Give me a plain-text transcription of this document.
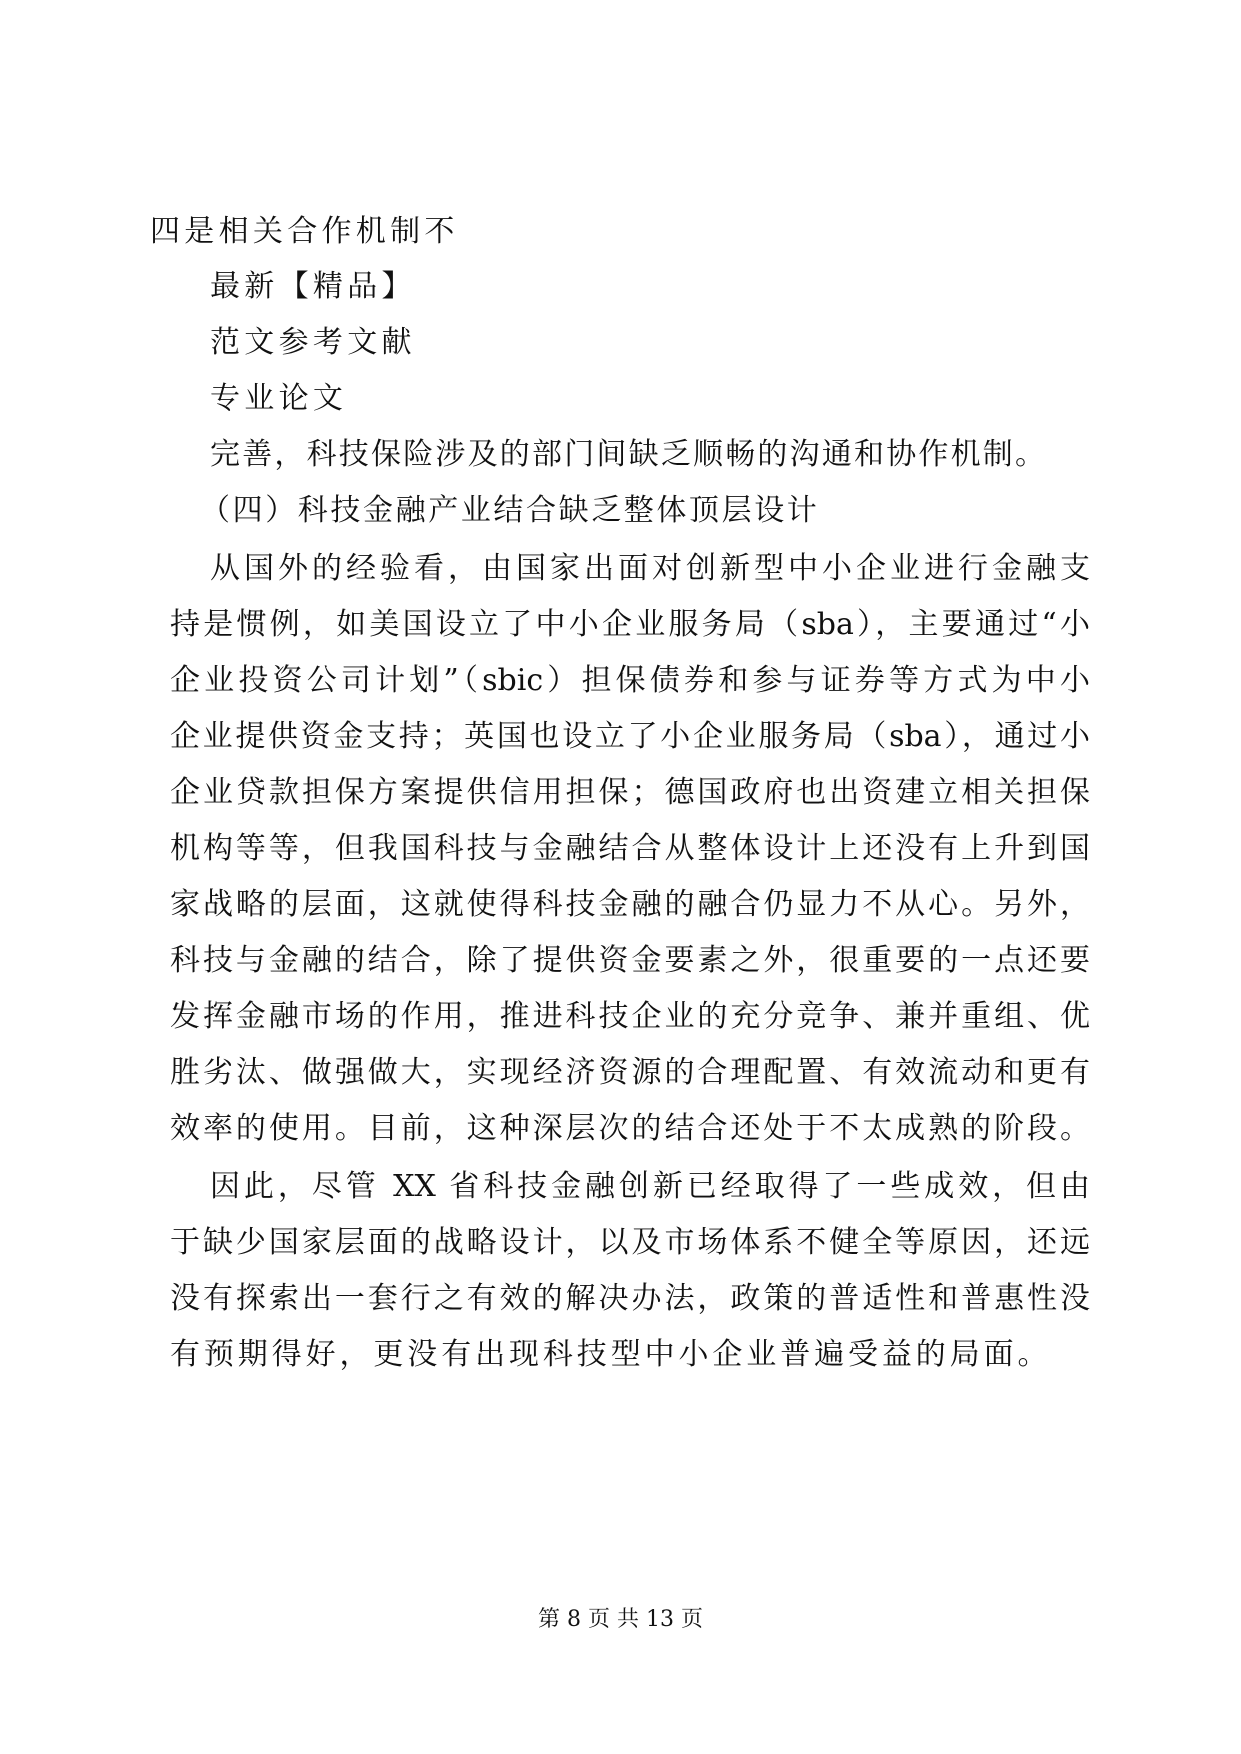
四是相关合作机制不
最新【精品】
范文参考文献
专业论文
完善，科技保险涉及的部门间缺乏顺畅的沟通和协作机制。
（四）科技金融产业结合缺乏整体顶层设计
从国外的经验看，由国家出面对创新型中小企业进行金融支
持是惯例，如美国设立了中小企业服务局（sba），主要通过“小
企业投资公司计划”（sbic）担保债券和参与证券等方式为中小
企业提供资金支持；英国也设立了小企业服务局（sba），通过小
企业贷款担保方案提供信用担保；德国政府也出资建立相关担保
机构等等，但我国科技与金融结合从整体设计上还没有上升到国
家战略的层面，这就使得科技金融的融合仍显力不从心。另外，
科技与金融的结合，除了提供资金要素之外，很重要的一点还要
发挥金融市场的作用，推进科技企业的充分竞争、兼并重组、优
胜劣汰、做强做大，实现经济资源的合理配置、有效流动和更有
效率的使用。目前，这种深层次的结合还处于不太成熟的阶段。
因此，尽管 XX 省科技金融创新已经取得了一些成效，但由
于缺少国家层面的战略设计，以及市场体系不健全等原因，还远
没有探索出一套行之有效的解决办法，政策的普适性和普惠性没
有预期得好，更没有出现科技型中小企业普遍受益的局面。
第 8 页 共 13 页
